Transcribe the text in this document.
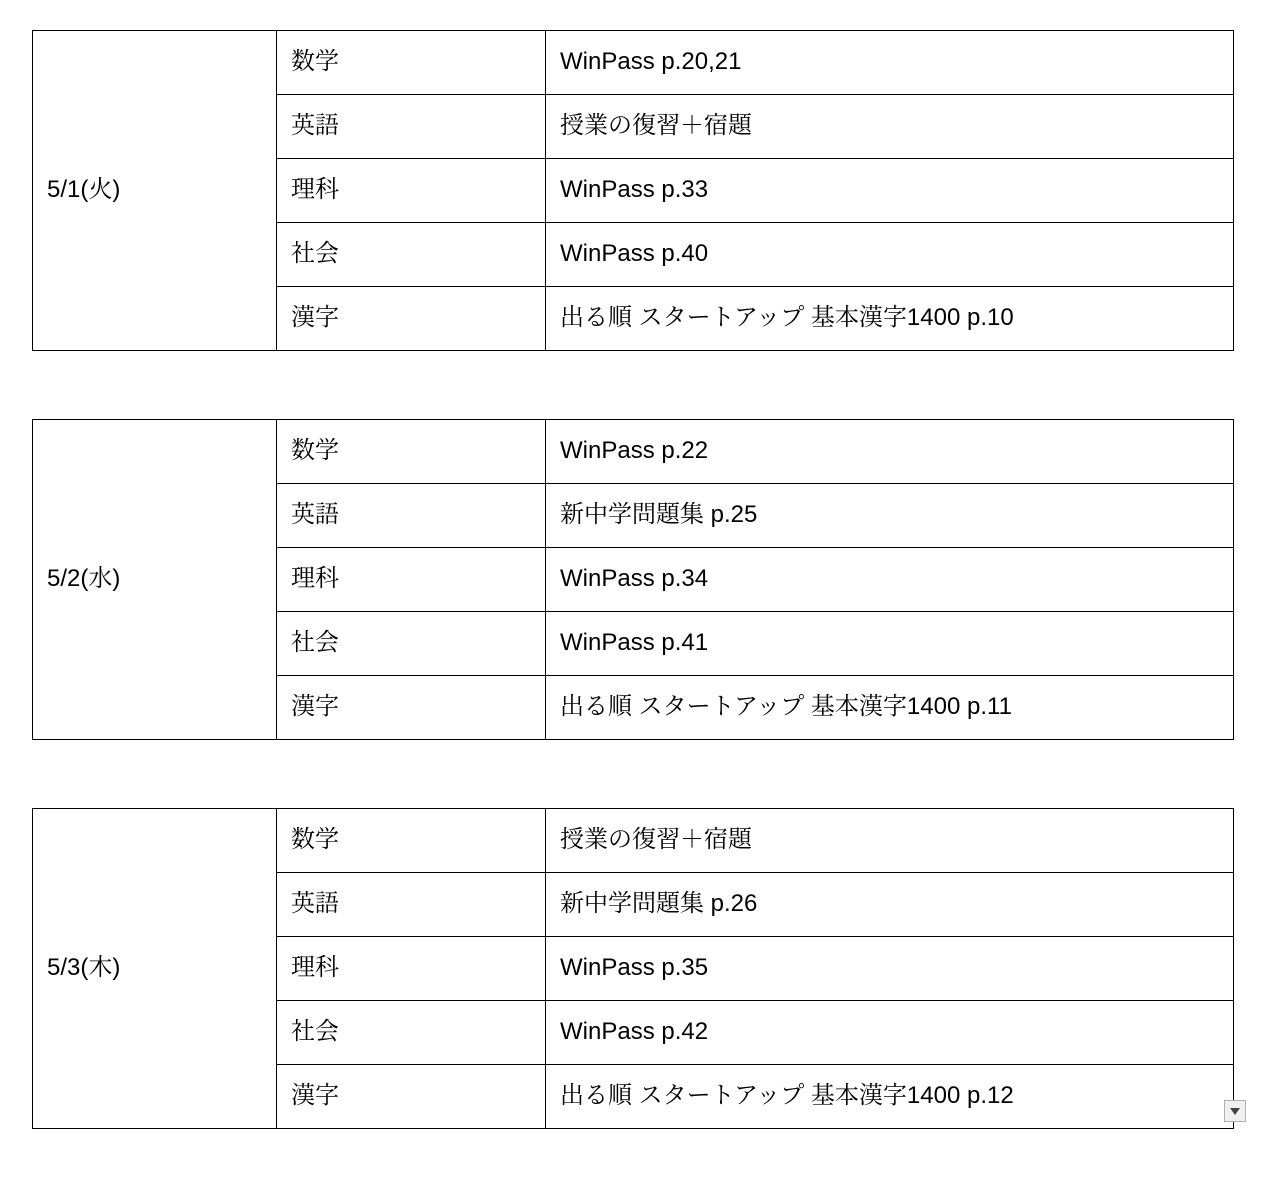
5/1(火)	数学	WinPass p.20,21
	英語	授業の復習＋宿題
	理科	WinPass p.33
	社会	WinPass p.40
	漢字	出る順 スタートアップ 基本漢字1400 p.10
5/2(水)	数学	WinPass p.22
	英語	新中学問題集 p.25
	理科	WinPass p.34
	社会	WinPass p.41
	漢字	出る順 スタートアップ 基本漢字1400 p.11
5/3(木)	数学	授業の復習＋宿題
	英語	新中学問題集 p.26
	理科	WinPass p.35
	社会	WinPass p.42
	漢字	出る順 スタートアップ 基本漢字1400 p.12
